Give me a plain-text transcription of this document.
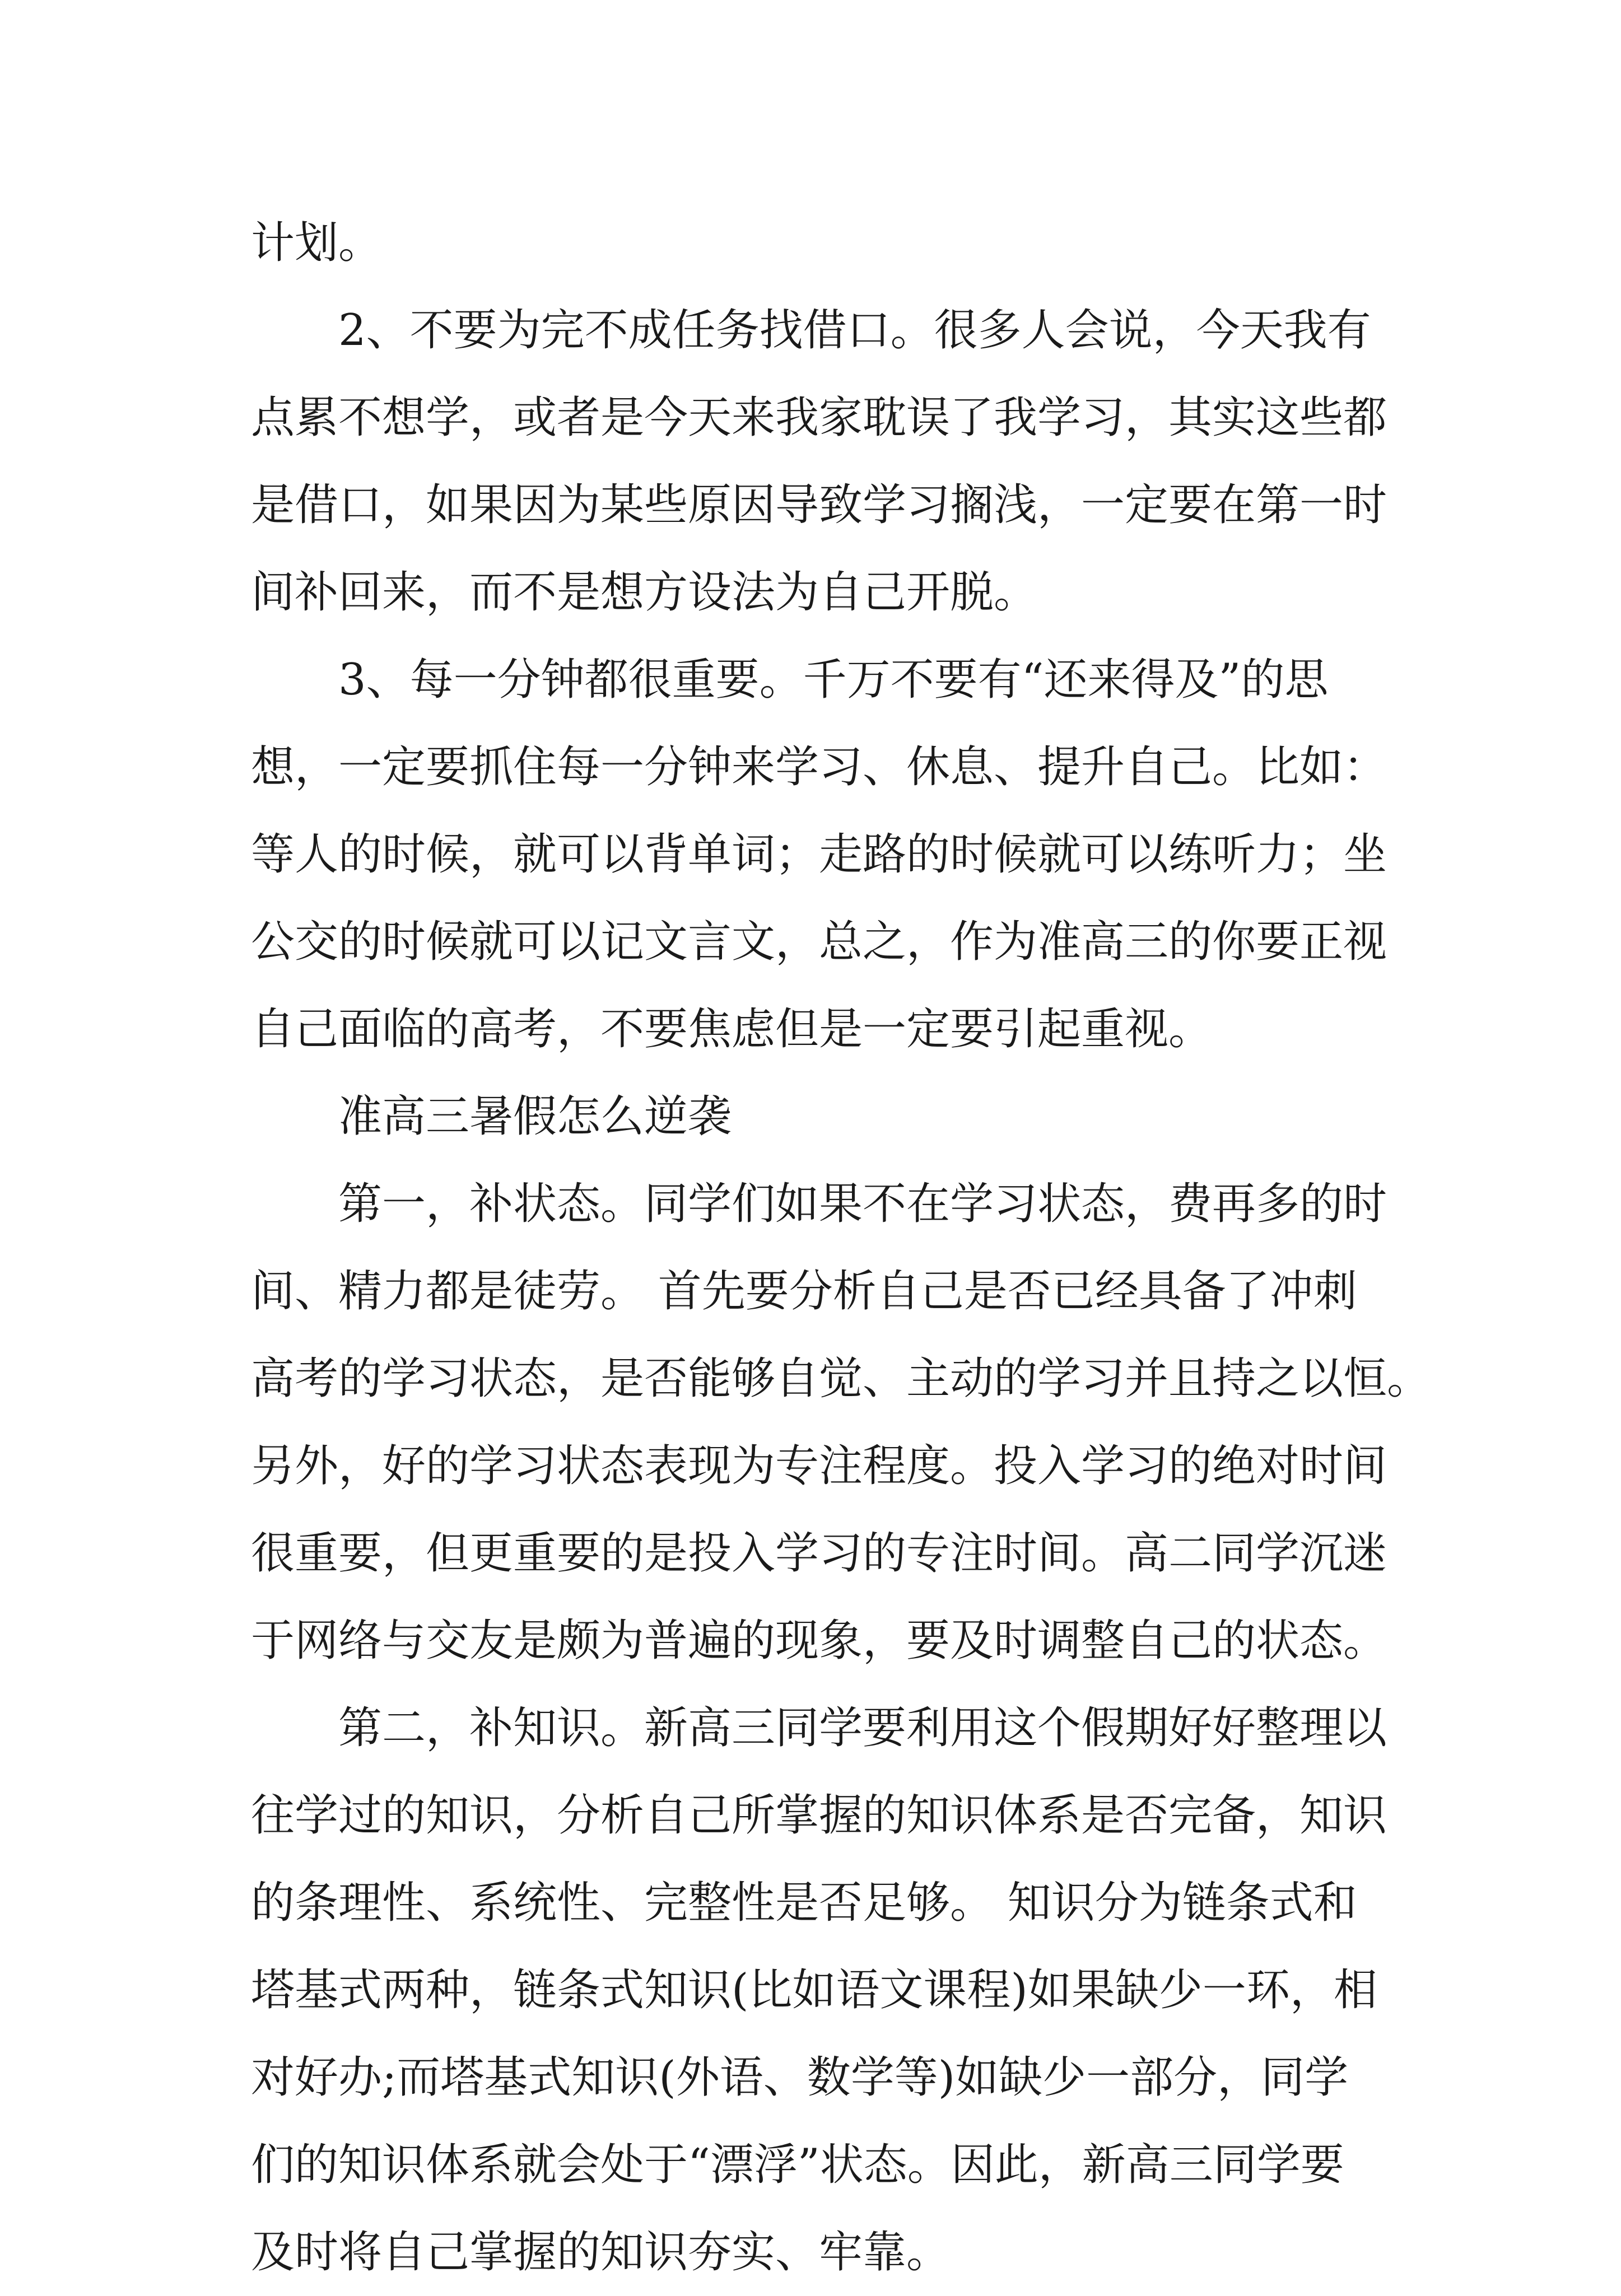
计划。
2、不要为完不成任务找借口。很多人会说，今天我有
点累不想学，或者是今天来我家耽误了我学习，其实这些都
是借口，如果因为某些原因导致学习搁浅，一定要在第一时
间补回来，而不是想方设法为自己开脱。
3、每一分钟都很重要。千万不要有“还来得及”的思
想，一定要抓住每一分钟来学习、休息、提升自己。比如：
等人的时候，就可以背单词；走路的时候就可以练听力；坐
公交的时候就可以记文言文，总之，作为准高三的你要正视
自己面临的高考，不要焦虑但是一定要引起重视。
准高三暑假怎么逆袭
第一，补状态。同学们如果不在学习状态，费再多的时
间、精力都是徒劳。 首先要分析自己是否已经具备了冲刺
高考的学习状态，是否能够自觉、主动的学习并且持之以恒。
另外，好的学习状态表现为专注程度。投入学习的绝对时间
很重要，但更重要的是投入学习的专注时间。高二同学沉迷
于网络与交友是颇为普遍的现象，要及时调整自己的状态。
第二，补知识。新高三同学要利用这个假期好好整理以
往学过的知识，分析自己所掌握的知识体系是否完备，知识
的条理性、系统性、完整性是否足够。 知识分为链条式和
塔基式两种，链条式知识(比如语文课程)如果缺少一环，相
对好办;而塔基式知识(外语、数学等)如缺少一部分，同学
们的知识体系就会处于“漂浮”状态。因此，新高三同学要
及时将自己掌握的知识夯实、牢靠。
